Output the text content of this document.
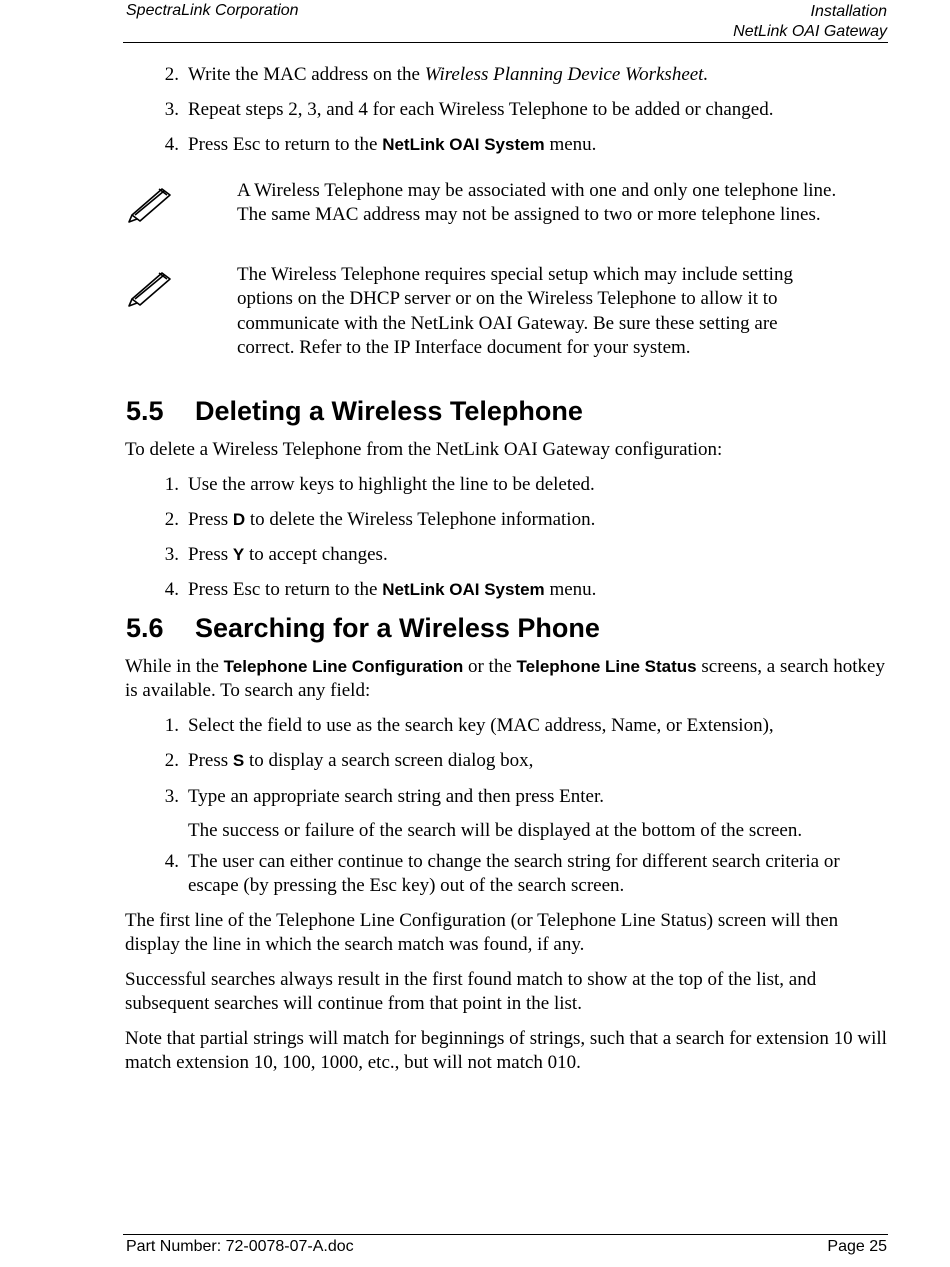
SpectraLink Corporation	Installation
NetLink OAI Gateway
2. Write the MAC address on the Wireless Planning Device Worksheet.
3. Repeat steps 2, 3, and 4 for each Wireless Telephone to be added or changed.
4. Press Esc to return to the NetLink OAI System menu.
A Wireless Telephone may be associated with one and only one telephone line. The same MAC address may not be assigned to two or more telephone lines.
The Wireless Telephone requires special setup which may include setting options on the DHCP server or on the Wireless Telephone to allow it to communicate with the NetLink OAI Gateway. Be sure these setting are correct. Refer to the IP Interface document for your system.
5.5 Deleting a Wireless Telephone
To delete a Wireless Telephone from the NetLink OAI Gateway configuration:
1. Use the arrow keys to highlight the line to be deleted.
2. Press D to delete the Wireless Telephone information.
3. Press Y to accept changes.
4. Press Esc to return to the NetLink OAI System menu.
5.6 Searching for a Wireless Phone
While in the Telephone Line Configuration or the Telephone Line Status screens, a search hotkey is available. To search any field:
1. Select the field to use as the search key (MAC address, Name, or Extension),
2. Press S to display a search screen dialog box,
3. Type an appropriate search string and then press Enter.
The success or failure of the search will be displayed at the bottom of the screen.
4. The user can either continue to change the search string for different search criteria or escape (by pressing the Esc key) out of the search screen.
The first line of the Telephone Line Configuration (or Telephone Line Status) screen will then display the line in which the search match was found, if any.
Successful searches always result in the first found match to show at the top of the list, and subsequent searches will continue from that point in the list.
Note that partial strings will match for beginnings of strings, such that a search for extension 10 will match extension 10, 100, 1000, etc., but will not match 010.
Part Number: 72-0078-07-A.doc	Page 25
